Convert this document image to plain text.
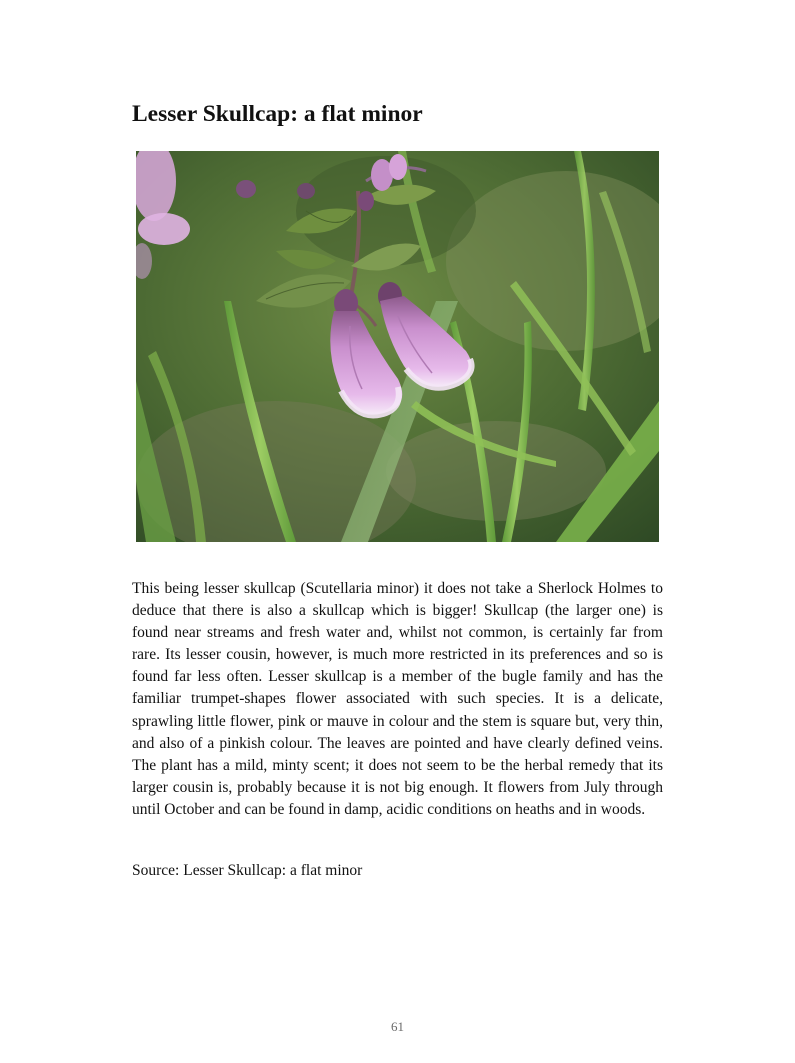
Lesser Skullcap: a flat minor

This being lesser skullcap (Scutellaria minor) it does not take a Sherlock Holmes to deduce that there is also a skullcap which is bigger! Skullcap (the larger one) is found near streams and fresh water and, whilst not common, is certainly far from rare. Its lesser cousin, however, is much more restricted in its preferences and so is found far less often. Lesser skullcap is a member of the bugle family and has the familiar trumpet-shapes flower associated with such species. It is a delicate, sprawling little flower, pink or mauve in colour and the stem is square but, very thin, and also of a pinkish colour. The leaves are pointed and have clearly defined veins. The plant has a mild, minty scent; it does not seem to be the herbal remedy that its larger cousin is, probably because it is not big enough. It flowers from July through until October and can be found in damp, acidic conditions on heaths and in woods.

Source: Lesser Skullcap: a flat minor

61
